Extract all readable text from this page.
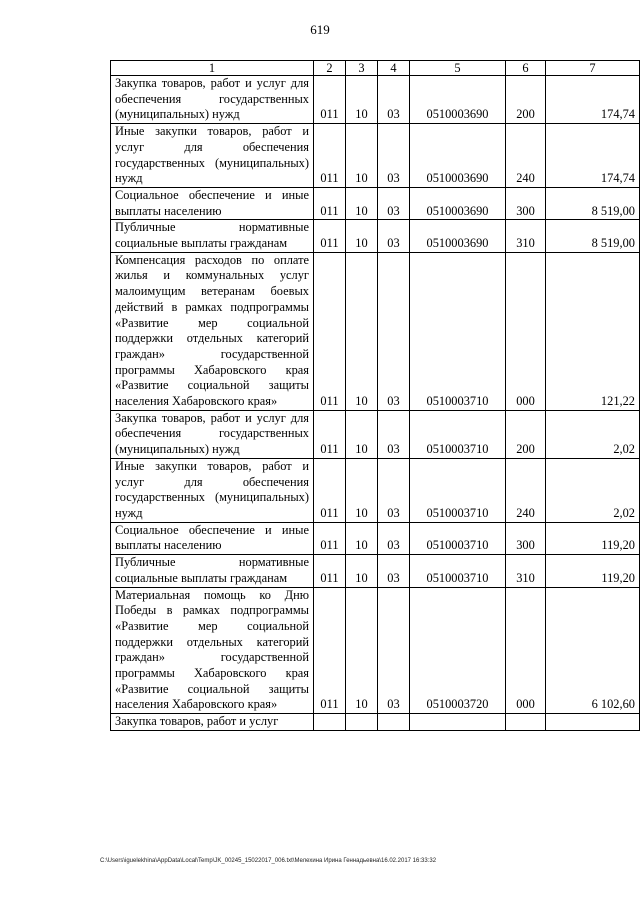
619
1	2	3	4	5	6	7
Закупка товаров, работ и услуг для обеспечения государственных (муниципальных) нужд	011	10	03	0510003690	200	174,74
Иные закупки товаров, работ и услуг для обеспечения государственных (муниципальных) нужд	011	10	03	0510003690	240	174,74
Социальное обеспечение и иные выплаты населению	011	10	03	0510003690	300	8 519,00
Публичные нормативные социальные выплаты гражданам	011	10	03	0510003690	310	8 519,00
Компенсация расходов по оплате жилья и коммунальных услуг малоимущим ветеранам боевых действий в рамках подпрограммы «Развитие мер социальной поддержки отдельных категорий граждан» государственной программы Хабаровского края «Развитие социальной защиты населения Хабаровского края»	011	10	03	0510003710	000	121,22
Закупка товаров, работ и услуг для обеспечения государственных (муниципальных) нужд	011	10	03	0510003710	200	2,02
Иные закупки товаров, работ и услуг для обеспечения государственных (муниципальных) нужд	011	10	03	0510003710	240	2,02
Социальное обеспечение и иные выплаты населению	011	10	03	0510003710	300	119,20
Публичные нормативные социальные выплаты гражданам	011	10	03	0510003710	310	119,20
Материальная помощь ко Дню Победы в рамках подпрограммы «Развитие мер социальной поддержки отдельных категорий граждан» государственной программы Хабаровского края «Развитие социальной защиты населения Хабаровского края»	011	10	03	0510003720	000	6 102,60
Закупка товаров, работ и услуг						
C:\Users\iguelekhina\AppData\Local\Temp\JK_00245_15022017_006.txt\Мелехина Ирина Геннадьевна\16.02.2017 16:33:32
